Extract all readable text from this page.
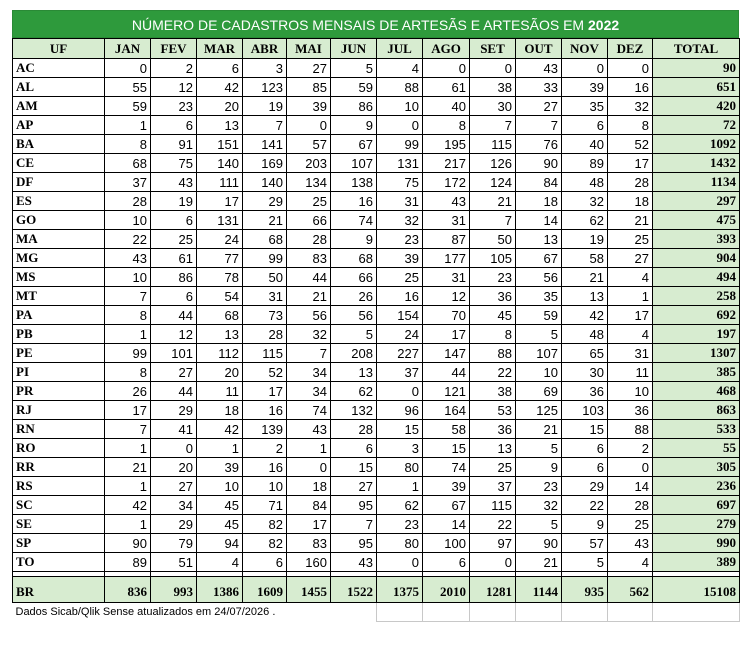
NÚMERO DE CADASTROS MENSAIS DE ARTESÃS E ARTESÃOS EM 2022
UF	JAN	FEV	MAR	ABR	MAI	JUN	JUL	AGO	SET	OUT	NOV	DEZ	TOTAL
AC	0	2	6	3	27	5	4	0	0	43	0	0	90
AL	55	12	42	123	85	59	88	61	38	33	39	16	651
AM	59	23	20	19	39	86	10	40	30	27	35	32	420
AP	1	6	13	7	0	9	0	8	7	7	6	8	72
BA	8	91	151	141	57	67	99	195	115	76	40	52	1092
CE	68	75	140	169	203	107	131	217	126	90	89	17	1432
DF	37	43	111	140	134	138	75	172	124	84	48	28	1134
ES	28	19	17	29	25	16	31	43	21	18	32	18	297
GO	10	6	131	21	66	74	32	31	7	14	62	21	475
MA	22	25	24	68	28	9	23	87	50	13	19	25	393
MG	43	61	77	99	83	68	39	177	105	67	58	27	904
MS	10	86	78	50	44	66	25	31	23	56	21	4	494
MT	7	6	54	31	21	26	16	12	36	35	13	1	258
PA	8	44	68	73	56	56	154	70	45	59	42	17	692
PB	1	12	13	28	32	5	24	17	8	5	48	4	197
PE	99	101	112	115	7	208	227	147	88	107	65	31	1307
PI	8	27	20	52	34	13	37	44	22	10	30	11	385
PR	26	44	11	17	34	62	0	121	38	69	36	10	468
RJ	17	29	18	16	74	132	96	164	53	125	103	36	863
RN	7	41	42	139	43	28	15	58	36	21	15	88	533
RO	1	0	1	2	1	6	3	15	13	5	6	2	55
RR	21	20	39	16	0	15	80	74	25	9	6	0	305
RS	1	27	10	10	18	27	1	39	37	23	29	14	236
SC	42	34	45	71	84	95	62	67	115	32	22	28	697
SE	1	29	45	82	17	7	23	14	22	5	9	25	279
SP	90	79	94	82	83	95	80	100	97	90	57	43	990
TO	89	51	4	6	160	43	0	6	0	21	5	4	389

BR	836	993	1386	1609	1455	1522	1375	2010	1281	1144	935	562	15108
Dados Sicab/Qlik Sense atualizados em 24/07/2026 .													
